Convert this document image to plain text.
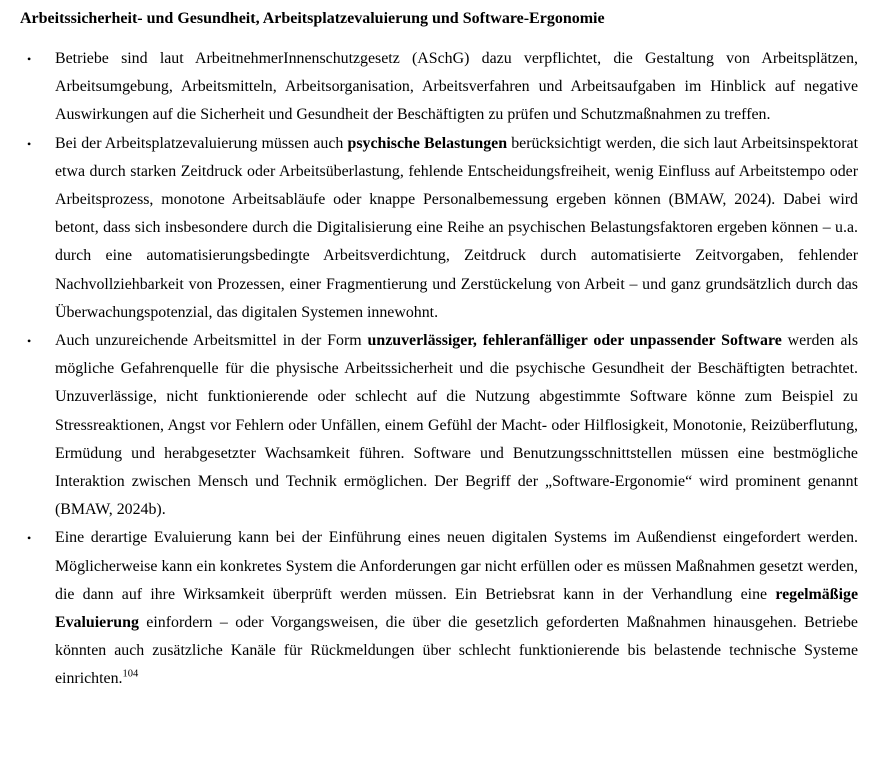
Arbeitssicherheit- und Gesundheit, Arbeitsplatzevaluierung und Software-Ergonomie
• Betriebe sind laut ArbeitnehmerInnenschutzgesetz (ASchG) dazu verpflichtet, die Gestaltung von Arbeitsplätzen, Arbeitsumgebung, Arbeitsmitteln, Arbeitsorganisation, Arbeitsverfahren und Arbeitsaufgaben im Hinblick auf negative Auswirkungen auf die Sicherheit und Gesundheit der Beschäftigten zu prüfen und Schutzmaßnahmen zu treffen.
• Bei der Arbeitsplatzevaluierung müssen auch psychische Belastungen berücksichtigt werden, die sich laut Arbeitsinspektorat etwa durch starken Zeitdruck oder Arbeitsüberlastung, fehlende Entscheidungsfreiheit, wenig Einfluss auf Arbeitstempo oder Arbeitsprozess, monotone Arbeitsabläufe oder knappe Personalbemessung ergeben können (BMAW, 2024). Dabei wird betont, dass sich insbesondere durch die Digitalisierung eine Reihe an psychischen Belastungsfaktoren ergeben können – u.a. durch eine automatisierungsbedingte Arbeitsverdichtung, Zeitdruck durch automatisierte Zeitvorgaben, fehlender Nachvollziehbarkeit von Prozessen, einer Fragmentierung und Zerstückelung von Arbeit – und ganz grundsätzlich durch das Überwachungspotenzial, das digitalen Systemen innewohnt.
• Auch unzureichende Arbeitsmittel in der Form unzuverlässiger, fehleranfälliger oder unpassender Software werden als mögliche Gefahrenquelle für die physische Arbeitssicherheit und die psychische Gesundheit der Beschäftigten betrachtet. Unzuverlässige, nicht funktionierende oder schlecht auf die Nutzung abgestimmte Software könne zum Beispiel zu Stressreaktionen, Angst vor Fehlern oder Unfällen, einem Gefühl der Macht- oder Hilflosigkeit, Monotonie, Reizüberflutung, Ermüdung und herabgesetzter Wachsamkeit führen. Software und Benutzungsschnittstellen müssen eine bestmögliche Interaktion zwischen Mensch und Technik ermöglichen. Der Begriff der „Software-Ergonomie“ wird prominent genannt (BMAW, 2024b).
• Eine derartige Evaluierung kann bei der Einführung eines neuen digitalen Systems im Außendienst eingefordert werden. Möglicherweise kann ein konkretes System die Anforderungen gar nicht erfüllen oder es müssen Maßnahmen gesetzt werden, die dann auf ihre Wirksamkeit überprüft werden müssen. Ein Betriebsrat kann in der Verhandlung eine regelmäßige Evaluierung einfordern – oder Vorgangsweisen, die über die gesetzlich geforderten Maßnahmen hinausgehen. Betriebe könnten auch zusätzliche Kanäle für Rückmeldungen über schlecht funktionierende bis belastende technische Systeme einrichten.$^{104}$
